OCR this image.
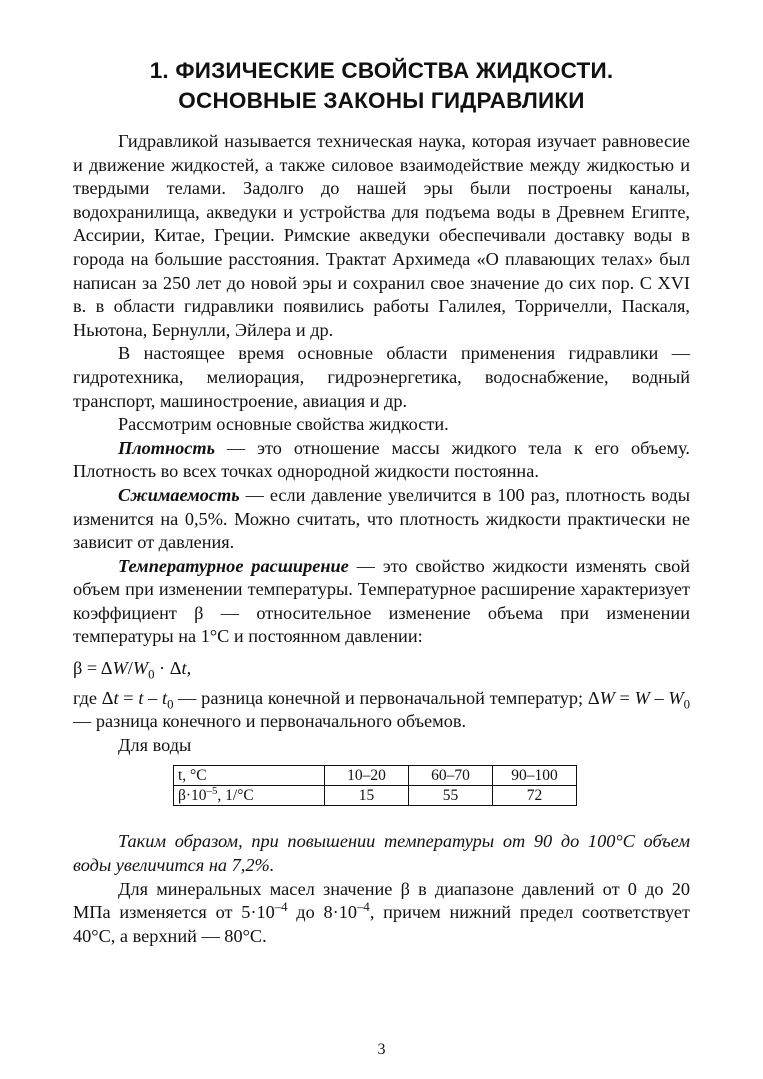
1. ФИЗИЧЕСКИЕ СВОЙСТВА ЖИДКОСТИ.
ОСНОВНЫЕ ЗАКОНЫ ГИДРАВЛИКИ

Гидравликой называется техническая наука, которая изучает равновесие и движение жидкостей, а также силовое взаимодействие между жидкостью и твердыми телами. Задолго до нашей эры были построены каналы, водохранилища, акведуки и устройства для подъема воды в Древнем Египте, Ассирии, Китае, Греции. Римские акведуки обеспечивали доставку воды в города на большие расстояния. Трактат Архимеда «О плавающих телах» был написан за 250 лет до новой эры и сохранил свое значение до сих пор. С XVI в. в области гидравлики появились работы Галилея, Торричелли, Паскаля, Ньютона, Бернулли, Эйлера и др.

В настоящее время основные области применения гидравлики — гидротехника, мелиорация, гидроэнергетика, водоснабжение, водный транспорт, машиностроение, авиация и др.

Рассмотрим основные свойства жидкости.

Плотность — это отношение массы жидкого тела к его объему. Плотность во всех точках однородной жидкости постоянна.

Сжимаемость — если давление увеличится в 100 раз, плотность воды изменится на 0,5%. Можно считать, что плотность жидкости практически не зависит от давления.

Температурное расширение — это свойство жидкости изменять свой объем при изменении температуры. Температурное расширение характеризует коэффициент β — относительное изменение объема при изменении температуры на 1°С и постоянном давлении:

$\beta = \Delta W/W_0 \cdot \Delta t$,

где $\Delta t = t - t_0$ — разница конечной и первоначальной температур; $\Delta W = W - W_0$ — разница конечного и первоначального объемов.

Для воды

t, °C	10–20	60–70	90–100
$\beta\cdot 10^{-5}$, 1/°C	15	55	72

Таким образом, при повышении температуры от 90 до 100°С объем воды увеличится на 7,2%.

Для минеральных масел значение β в диапазоне давлений от 0 до 20 МПа изменяется от $5\cdot 10^{-4}$ до $8\cdot 10^{-4}$, причем нижний предел соответствует 40°С, а верхний — 80°С.

3
